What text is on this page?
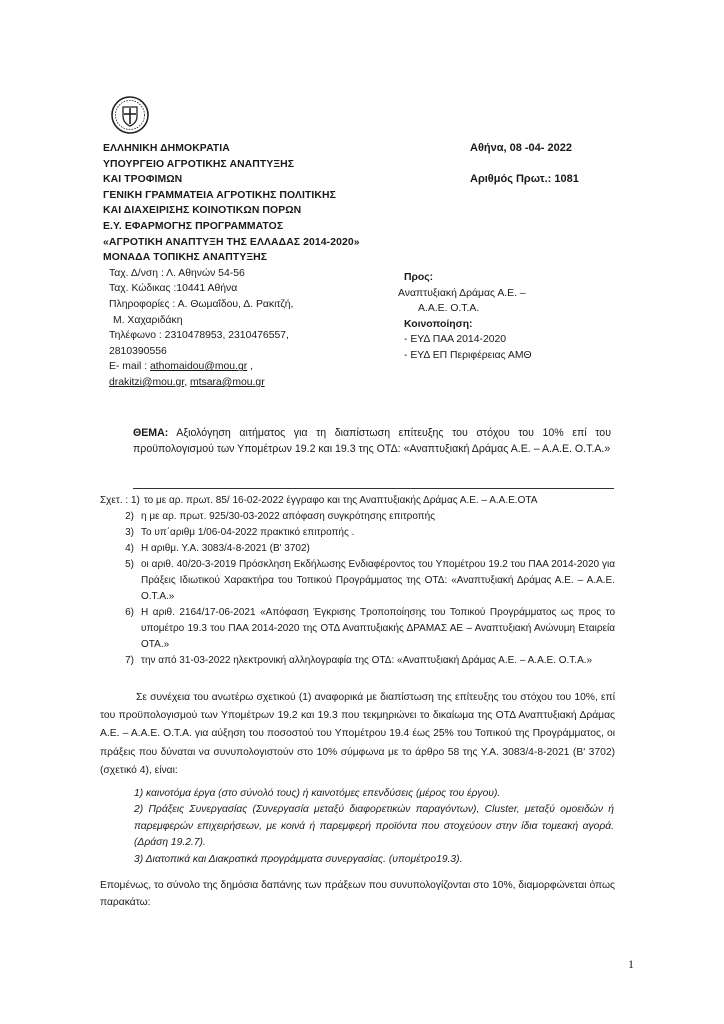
ΕΛΛΗΝΙΚΗ ΔΗΜΟΚΡΑΤΙΑ
ΥΠΟΥΡΓΕΙΟ ΑΓΡΟΤΙΚΗΣ ΑΝΑΠΤΥΞΗΣ
ΚΑΙ ΤΡΟΦΙΜΩΝ
ΓΕΝΙΚΗ ΓΡΑΜΜΑΤΕΙΑ ΑΓΡΟΤΙΚΗΣ ΠΟΛΙΤΙΚΗΣ
ΚΑΙ ΔΙΑΧΕΙΡΙΣΗΣ ΚΟΙΝΟΤΙΚΩΝ ΠΟΡΩΝ
Ε.Υ. ΕΦΑΡΜΟΓΗΣ ΠΡΟΓΡΑΜΜΑΤΟΣ
«ΑΓΡΟΤΙΚΗ ΑΝΑΠΤΥΞΗ ΤΗΣ ΕΛΛΑΔΑΣ 2014-2020»
ΜΟΝΑΔΑ ΤΟΠΙΚΗΣ ΑΝΑΠΤΥΞΗΣ
Ταχ. Δ/νση : Λ. Αθηνών 54-56
Ταχ. Κώδικας :10441 Αθήνα
Πληροφορίες : Α. Θωμαΐδου, Δ. Ρακιτζή,
Μ. Χαχαριδάκη
Τηλέφωνο : 2310478953, 2310476557,
2810390556
E- mail : athomaidou@mou.gr ,
drakitzi@mou.gr, mtsara@mou.gr
Αθήνα, 08 -04- 2022
Αριθμός Πρωτ.: 1081
Προς:
Αναπτυξιακή Δράμας Α.Ε. –
Α.Α.Ε. Ο.Τ.Α.
Κοινοποίηση:
- ΕΥΔ ΠΑΑ 2014-2020
- ΕΥΔ ΕΠ Περιφέρειας ΑΜΘ
ΘΕΜΑ: Αξιολόγηση αιτήματος για τη διαπίστωση επίτευξης του στόχου του 10% επί του προϋπολογισμού των Υπομέτρων 19.2 και 19.3 της ΟΤΔ: «Αναπτυξιακή Δράμας Α.Ε. – Α.Α.Ε. Ο.Τ.Α.»
Σχετ. : 1) το με αρ. πρωτ. 85/ 16-02-2022 έγγραφο και της Αναπτυξιακής Δράμας Α.Ε. – Α.Α.Ε.ΟΤΑ
2) η με αρ. πρωτ. 925/30-03-2022 απόφαση συγκρότησης επιτροπής
3) Το υπ΄αριθμ 1/06-04-2022 πρακτικό επιτροπής .
4) Η αριθμ. Υ.Α. 3083/4-8-2021 (Β' 3702)
5) οι αριθ. 40/20-3-2019 Πρόσκληση Εκδήλωσης Ενδιαφέροντος του Υπομέτρου 19.2 του ΠΑΑ 2014-2020 για Πράξεις Ιδιωτικού Χαρακτήρα του Τοπικού Προγράμματος της ΟΤΔ: «Αναπτυξιακή Δράμας Α.Ε. – Α.Α.Ε. Ο.Τ.Α.»
6) Η αριθ. 2164/17-06-2021 «Απόφαση Έγκρισης Τροποποίησης του Τοπικού Προγράμματος ως προς το υπομέτρο 19.3 του ΠΑΑ 2014-2020 της ΟΤΔ Αναπτυξιακής ΔΡΑΜΑΣ ΑΕ – Αναπτυξιακή Ανώνυμη Εταιρεία ΟΤΑ.»
7) την από 31-03-2022 ηλεκτρονική αλληλογραφία της ΟΤΔ: «Αναπτυξιακή Δράμας Α.Ε. – Α.Α.Ε. Ο.Τ.Α.»
Σε συνέχεια του ανωτέρω σχετικού (1) αναφορικά με διαπίστωση της επίτευξης του στόχου του 10%, επί του προϋπολογισμού των Υπομέτρων 19.2 και 19.3 που τεκμηριώνει το δικαίωμα της ΟΤΔ Αναπτυξιακή Δράμας Α.Ε. – Α.Α.Ε. Ο.Τ.Α. για αύξηση του ποσοστού του Υπομέτρου 19.4 έως 25% του Τοπικού της Προγράμματος, οι πράξεις που δύναται να συνυπολογιστούν στο 10% σύμφωνα με το άρθρο 58 της Υ.Α. 3083/4-8-2021 (Β' 3702) (σχετικό 4), είναι:
1) καινοτόμα έργα (στο σύνολό τους) ή καινοτόμες επενδύσεις (μέρος του έργου).
2) Πράξεις Συνεργασίας (Συνεργασία μεταξύ διαφορετικών παραγόντων), Cluster, μεταξύ ομοειδών ή παρεμφερών επιχειρήσεων, με κοινά ή παρεμφερή προϊόντα που στοχεύουν στην ίδια τομεακή αγορά. (Δράση 19.2.7).
3) Διατοπικά και Διακρατικά προγράμματα συνεργασίας. (υπομέτρο19.3).
Επομένως, το σύνολο της δημόσια δαπάνης των πράξεων που συνυπολογίζονται στο 10%, διαμορφώνεται όπως παρακάτω:
1
